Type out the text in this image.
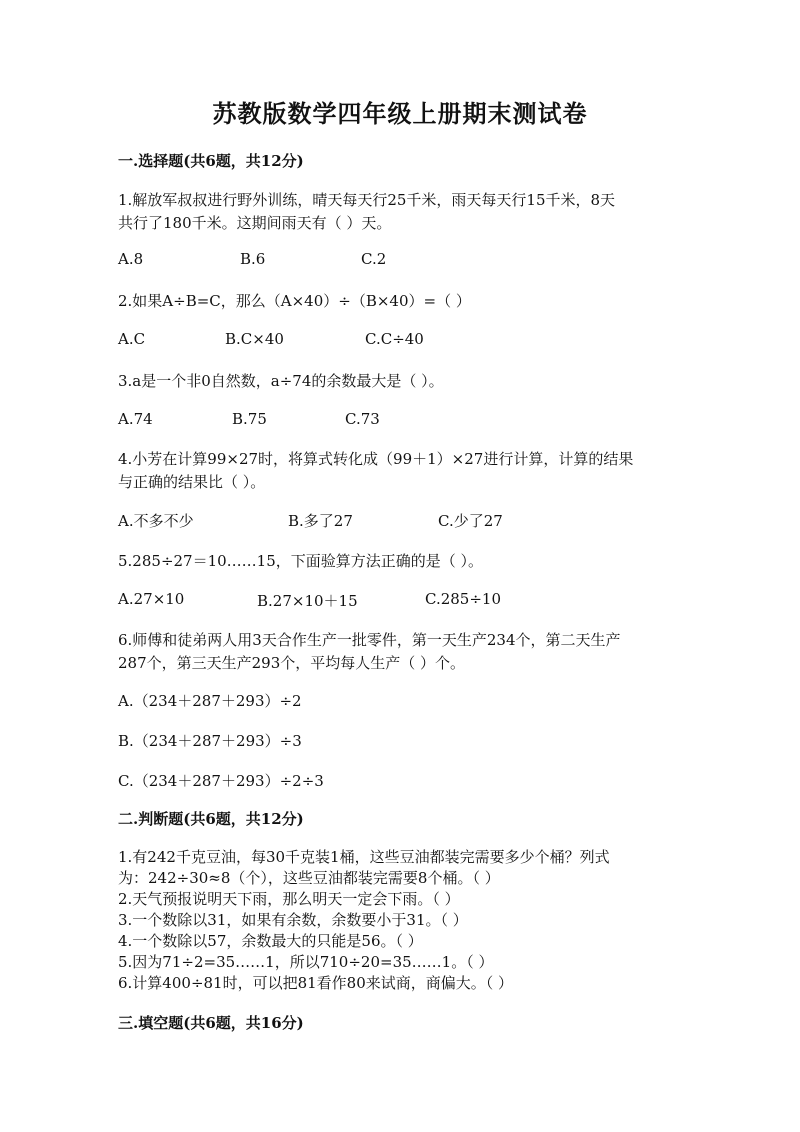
苏教版数学四年级上册期末测试卷
一.选择题(共6题，共12分)
1.解放军叔叔进行野外训练，晴天每天行25千米，雨天每天行15千米，8天
共行了180千米。这期间雨天有（ ）天。
A.8	B.6	C.2
2.如果A÷B=C，那么（A×40）÷（B×40）=（ ）
A.C	B.C×40	C.C÷40
3.a是一个非0自然数，a÷74的余数最大是（ ）。
A.74	B.75	C.73
4.小芳在计算99×27时，将算式转化成（99＋1）×27进行计算，计算的结果
与正确的结果比（ ）。
A.不多不少	B.多了27	C.少了27
5.285÷27＝10……15，下面验算方法正确的是（ ）。
A.27×10	B.27×10＋15	C.285÷10
6.师傅和徒弟两人用3天合作生产一批零件，第一天生产234个，第二天生产
287个，第三天生产293个，平均每人生产（ ）个。
A.（234＋287＋293）÷2
B.（234＋287＋293）÷3
C.（234＋287＋293）÷2÷3
二.判断题(共6题，共12分)
1.有242千克豆油，每30千克装1桶，这些豆油都装完需要多少个桶？列式
为：242÷30≈8（个），这些豆油都装完需要8个桶。（ ）
2.天气预报说明天下雨，那么明天一定会下雨。（ ）
3.一个数除以31，如果有余数，余数要小于31。（ ）
4.一个数除以57，余数最大的只能是56。（ ）
5.因为71÷2=35……1，所以710÷20=35……1。（ ）
6.计算400÷81时，可以把81看作80来试商，商偏大。（ ）
三.填空题(共6题，共16分)
